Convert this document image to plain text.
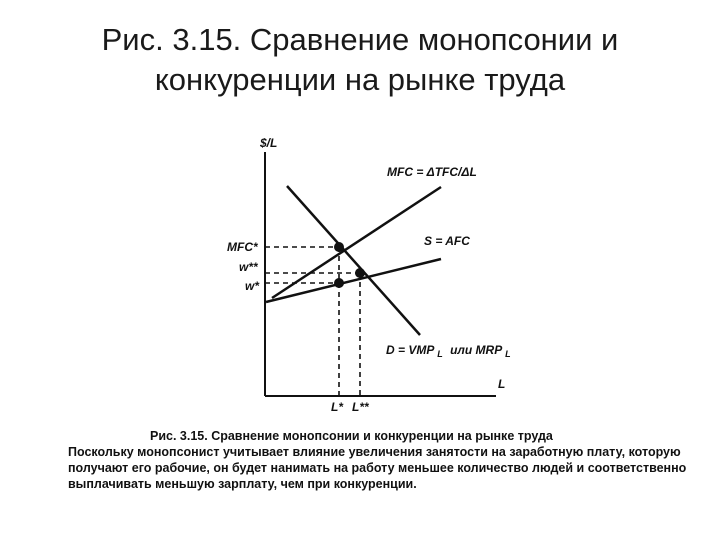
Рис. 3.15. Сравнение монопсонии и
конкуренции на рынке труда
$/L
L
MFC = ΔTFC/ΔL
S = AFC
D = VMP $_L$ или MRP $_L$
MFC*
w**
w*
L* L**
Рис. 3.15. Сравнение монопсонии и конкуренции на рынке труда
Поскольку монопсонист учитывает влияние увеличения занятости на заработную плату, которую получают его рабочие, он будет нанимать на работу меньшее количество людей и соответственно выплачивать меньшую зарплату, чем при конкуренции.
